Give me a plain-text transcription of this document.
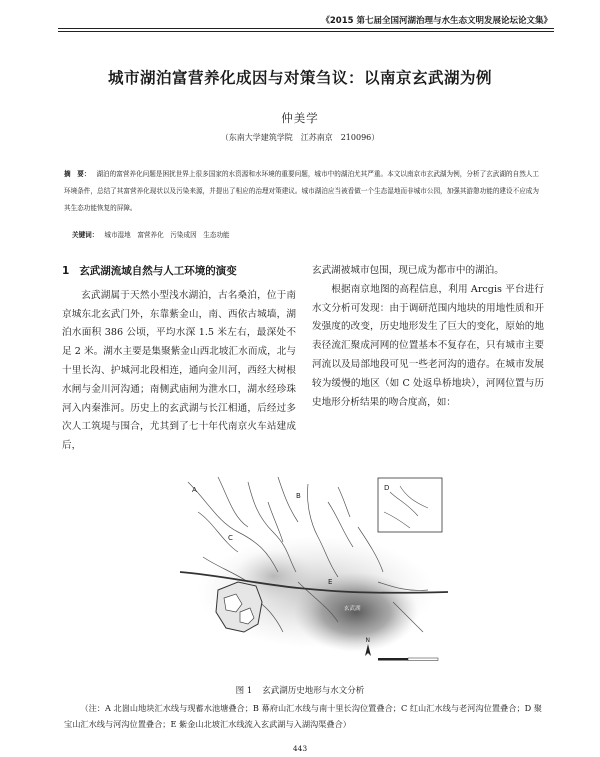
《2015 第七届全国河湖治理与水生态文明发展论坛论文集》
城市湖泊富营养化成因与对策刍议：以南京玄武湖为例
仲美学
（东南大学建筑学院　江苏南京　210096）
摘　要： 湖泊的富营养化问题是困扰世界上很多国家的水资源和水环境的重要问题，城市中的湖泊尤其严重。本文以南京市玄武湖为例，分析了玄武湖的自然人工环境条件，总结了其富营养化现状以及污染来源，并提出了相应的治理对策建议。城市湖泊应当被看做一个生态湿地而非城市公园，加强其游憩功能的建设不应成为其生态功能恢复的屏障。
关键词： 城市湿地　富营养化　污染成因　生态功能
1 玄武湖流域自然与人工环境的演变

玄武湖属于天然小型浅水湖泊，古名桑泊，位于南京城东北玄武门外，东靠紫金山，南、西依古城墙，湖泊水面积 386 公顷，平均水深 1.5 米左右，最深处不足 2 米。湖水主要是集聚紫金山西北坡汇水而成，北与十里长沟、护城河北段相连，通向金川河，西经大树根水闸与金川河沟通；南侧武庙闸为泄水口，湖水经珍珠河入内秦淮河。历史上的玄武湖与长江相通，后经过多次人工筑堤与围合，尤其到了七十年代南京火车站建成后，

玄武湖被城市包围，现已成为都市中的湖泊。

根据南京地图的高程信息，利用 Arcgis 平台进行水文分析可发现：由于调研范围内地块的用地性质和开发强度的改变，历史地形发生了巨大的变化，原始的地表径流汇聚成河网的位置基本不复存在，只有城市主要河流以及局部地段可见一些老河沟的遗存。在城市发展较为缓慢的地区（如 C 处返阜桥地块），河网位置与历史地形分析结果的吻合度高，如：

D
A
B
C
E
玄武湖
N
图 1 玄武湖历史地形与水文分析
（注：A 北崮山地块汇水线与现蓄水池塘叠合；B 幕府山汇水线与南十里长沟位置叠合；C 红山汇水线与老河沟位置叠合；D 聚宝山汇水线与河沟位置叠合；E 紫金山北坡汇水线流入玄武湖与入湖沟渠叠合）
443
